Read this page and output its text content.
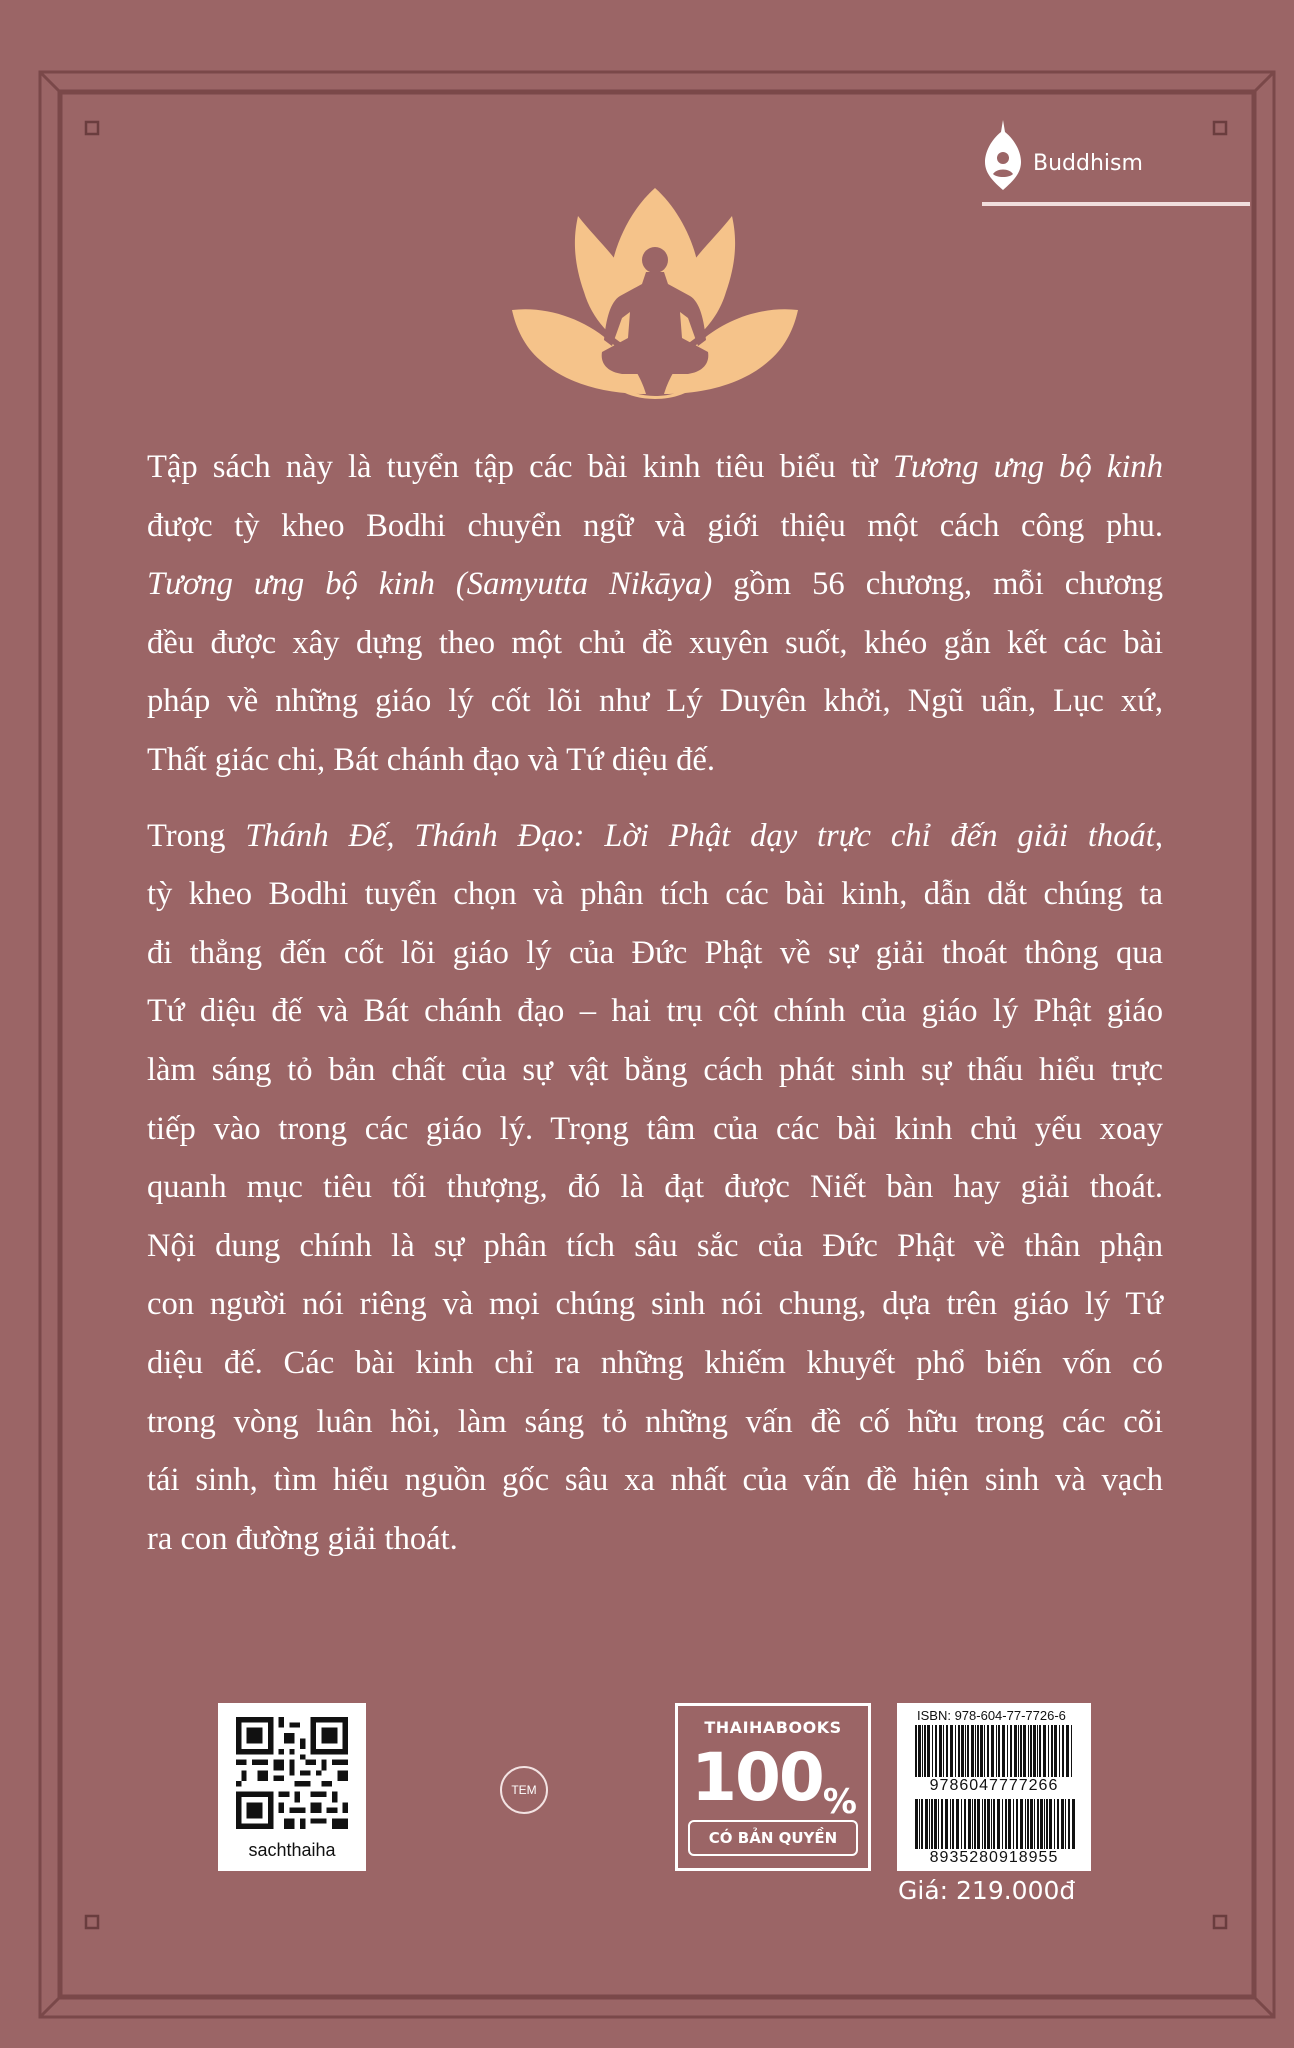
Buddhism
Tập sách này là tuyển tập các bài kinh tiêu biểu từ Tương ưng bộ kinh
được tỳ kheo Bodhi chuyển ngữ và giới thiệu một cách công phu.
Tương ưng bộ kinh (Samyutta Nikāya) gồm 56 chương, mỗi chương
đều được xây dựng theo một chủ đề xuyên suốt, khéo gắn kết các bài
pháp về những giáo lý cốt lõi như Lý Duyên khởi, Ngũ uẩn, Lục xứ,
Thất giác chi, Bát chánh đạo và Tứ diệu đế.
Trong Thánh Đế, Thánh Đạo: Lời Phật dạy trực chỉ đến giải thoát,
tỳ kheo Bodhi tuyển chọn và phân tích các bài kinh, dẫn dắt chúng ta
đi thẳng đến cốt lõi giáo lý của Đức Phật về sự giải thoát thông qua
Tứ diệu đế và Bát chánh đạo – hai trụ cột chính của giáo lý Phật giáo
làm sáng tỏ bản chất của sự vật bằng cách phát sinh sự thấu hiểu trực
tiếp vào trong các giáo lý. Trọng tâm của các bài kinh chủ yếu xoay
quanh mục tiêu tối thượng, đó là đạt được Niết bàn hay giải thoát.
Nội dung chính là sự phân tích sâu sắc của Đức Phật về thân phận
con người nói riêng và mọi chúng sinh nói chung, dựa trên giáo lý Tứ
diệu đế. Các bài kinh chỉ ra những khiếm khuyết phổ biến vốn có
trong vòng luân hồi, làm sáng tỏ những vấn đề cố hữu trong các cõi
tái sinh, tìm hiểu nguồn gốc sâu xa nhất của vấn đề hiện sinh và vạch
ra con đường giải thoát.
sachthaiha
TEM
THAIHABOOKS
100%
CÓ BẢN QUYỀN
ISBN: 978-604-77-7726-6
9786047777266
8935280918955
Giá: 219.000đ
